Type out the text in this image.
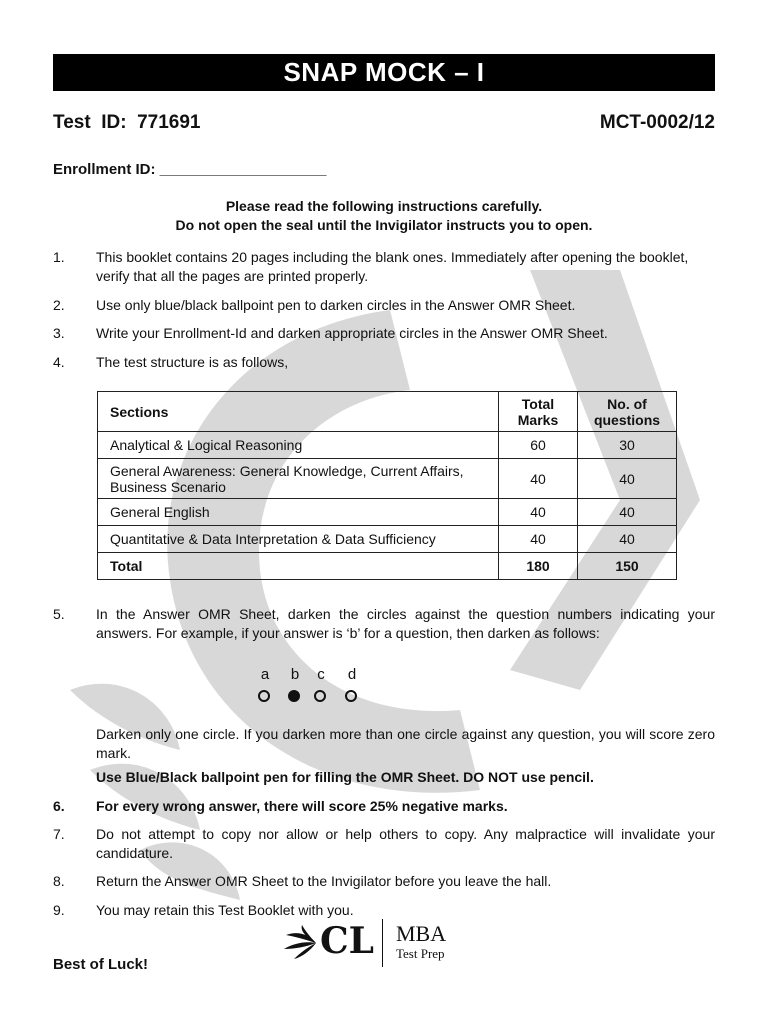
SNAP MOCK – I
Test  ID:  771691	MCT-0002/12
Enrollment ID: ____________________
Please read the following instructions carefully.
Do not open the seal until the Invigilator instructs you to open.
1. This booklet contains 20 pages including the blank ones. Immediately after opening the booklet, verify that all the pages are printed properly.
2. Use only blue/black ballpoint pen to darken circles in the Answer OMR Sheet.
3. Write your Enrollment-Id and darken appropriate circles in the Answer OMR Sheet.
4. The test structure is as follows,
Sections	Total Marks	No. of questions
Analytical & Logical Reasoning	60	30
General Awareness: General Knowledge, Current Affairs, Business Scenario	40	40
General English	40	40
Quantitative & Data Interpretation & Data Sufficiency	40	40
Total	180	150
5. In the Answer OMR Sheet, darken the circles against the question numbers indicating your answers. For example, if your answer is ‘b’ for a question, then darken as follows:
a	b	c	d
Darken only one circle. If you darken more than one circle against any question, you will score zero mark.
Use Blue/Black ballpoint pen for filling the OMR Sheet. DO NOT use pencil.
6. For every wrong answer, there will score 25% negative marks.
7. Do not attempt to copy nor allow or help others to copy. Any malpractice will invalidate your candidature.
8. Return the Answer OMR Sheet to the Invigilator before you leave the hall.
9. You may retain this Test Booklet with you.
CL MBA
Test Prep
Best of Luck!
